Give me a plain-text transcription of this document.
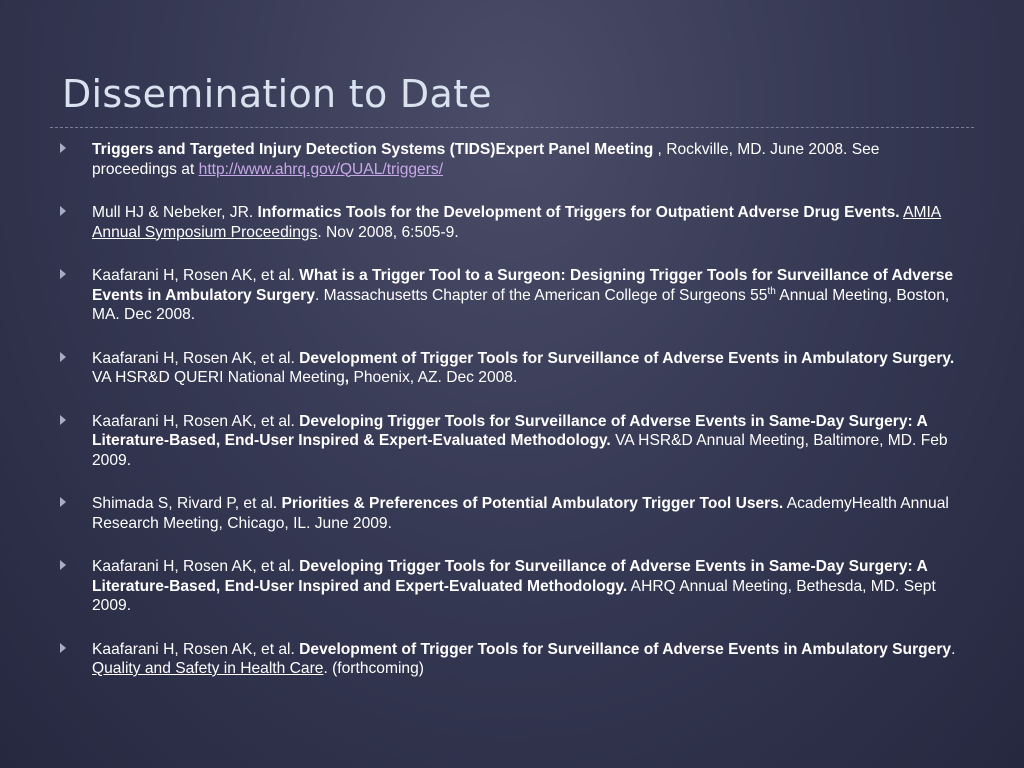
Dissemination to Date
Triggers and Targeted Injury Detection Systems (TIDS)Expert Panel Meeting , Rockville, MD. June 2008. See proceedings at http://www.ahrq.gov/QUAL/triggers/
Mull HJ & Nebeker, JR. Informatics Tools for the Development of Triggers for Outpatient Adverse Drug Events. AMIA Annual Symposium Proceedings. Nov 2008, 6:505-9.
Kaafarani H, Rosen AK, et al. What is a Trigger Tool to a Surgeon: Designing Trigger Tools for Surveillance of Adverse Events in Ambulatory Surgery. Massachusetts Chapter of the American College of Surgeons 55th Annual Meeting, Boston, MA. Dec 2008.
Kaafarani H, Rosen AK, et al. Development of Trigger Tools for Surveillance of Adverse Events in Ambulatory Surgery. VA HSR&D QUERI National Meeting, Phoenix, AZ. Dec 2008.
Kaafarani H, Rosen AK, et al. Developing Trigger Tools for Surveillance of Adverse Events in Same-Day Surgery: A Literature-Based, End-User Inspired & Expert-Evaluated Methodology. VA HSR&D Annual Meeting, Baltimore, MD. Feb 2009.
Shimada S, Rivard P, et al. Priorities & Preferences of Potential Ambulatory Trigger Tool Users. AcademyHealth Annual Research Meeting, Chicago, IL. June 2009.
Kaafarani H, Rosen AK, et al. Developing Trigger Tools for Surveillance of Adverse Events in Same-Day Surgery: A Literature-Based, End-User Inspired and Expert-Evaluated Methodology. AHRQ Annual Meeting, Bethesda, MD. Sept 2009.
Kaafarani H, Rosen AK, et al. Development of Trigger Tools for Surveillance of Adverse Events in Ambulatory Surgery. Quality and Safety in Health Care. (forthcoming)
